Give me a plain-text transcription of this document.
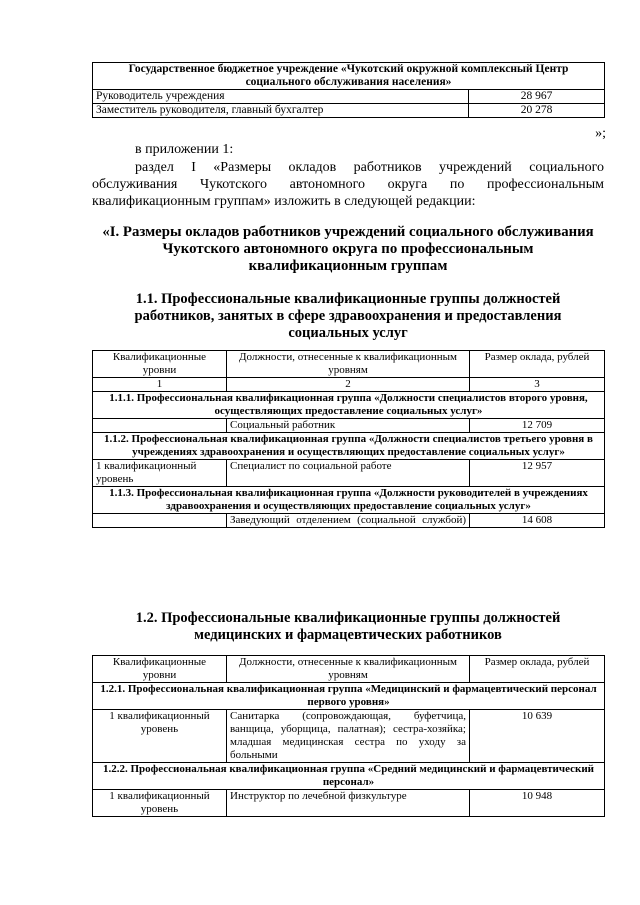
Государственное бюджетное учреждение «Чукотский окружной комплексный Центр социального обслуживания населения»	
Руководитель учреждения	28 967
Заместитель руководителя, главный бухгалтер	20 278
»;
в приложении 1:
раздел I «Размеры окладов работников учреждений социального обслуживания Чукотского автономного округа по профессиональным квалификационным группам» изложить в следующей редакции:
«I. Размеры окладов работников учреждений социального обслуживания Чукотского автономного округа по профессиональным квалификационным группам
1.1. Профессиональные квалификационные группы должностей работников, занятых в сфере здравоохранения и предоставления социальных услуг
Квалификационные уровни	Должности, отнесенные к квалификационным уровням	Размер оклада, рублей
1	2	3
1.1.1. Профессиональная квалификационная группа «Должности специалистов второго уровня, осуществляющих предоставление социальных услуг»		
	Социальный работник	12 709
1.1.2. Профессиональная квалификационная группа «Должности специалистов третьего уровня в учреждениях здравоохранения и осуществляющих предоставление социальных услуг»		
1 квалификационный уровень	Специалист по социальной работе	12 957
1.1.3. Профессиональная квалификационная группа «Должности руководителей в учреждениях здравоохранения и осуществляющих предоставление социальных услуг»		
	Заведующий отделением (социальной службой)	14 608
1.2. Профессиональные квалификационные группы должностей медицинских и фармацевтических работников
Квалификационные уровни	Должности, отнесенные к квалификационным уровням	Размер оклада, рублей
1.2.1. Профессиональная квалификационная группа «Медицинский и фармацевтический персонал первого уровня»		
1 квалификационный уровень	Санитарка (сопровождающая, буфетчица, ванщица, уборщица, палатная); сестра-хозяйка; младшая медицинская сестра по уходу за больными	10 639
1.2.2. Профессиональная квалификационная группа «Средний медицинский и фармацевтический персонал»		
1 квалификационный уровень	Инструктор по лечебной физкультуре	10 948
